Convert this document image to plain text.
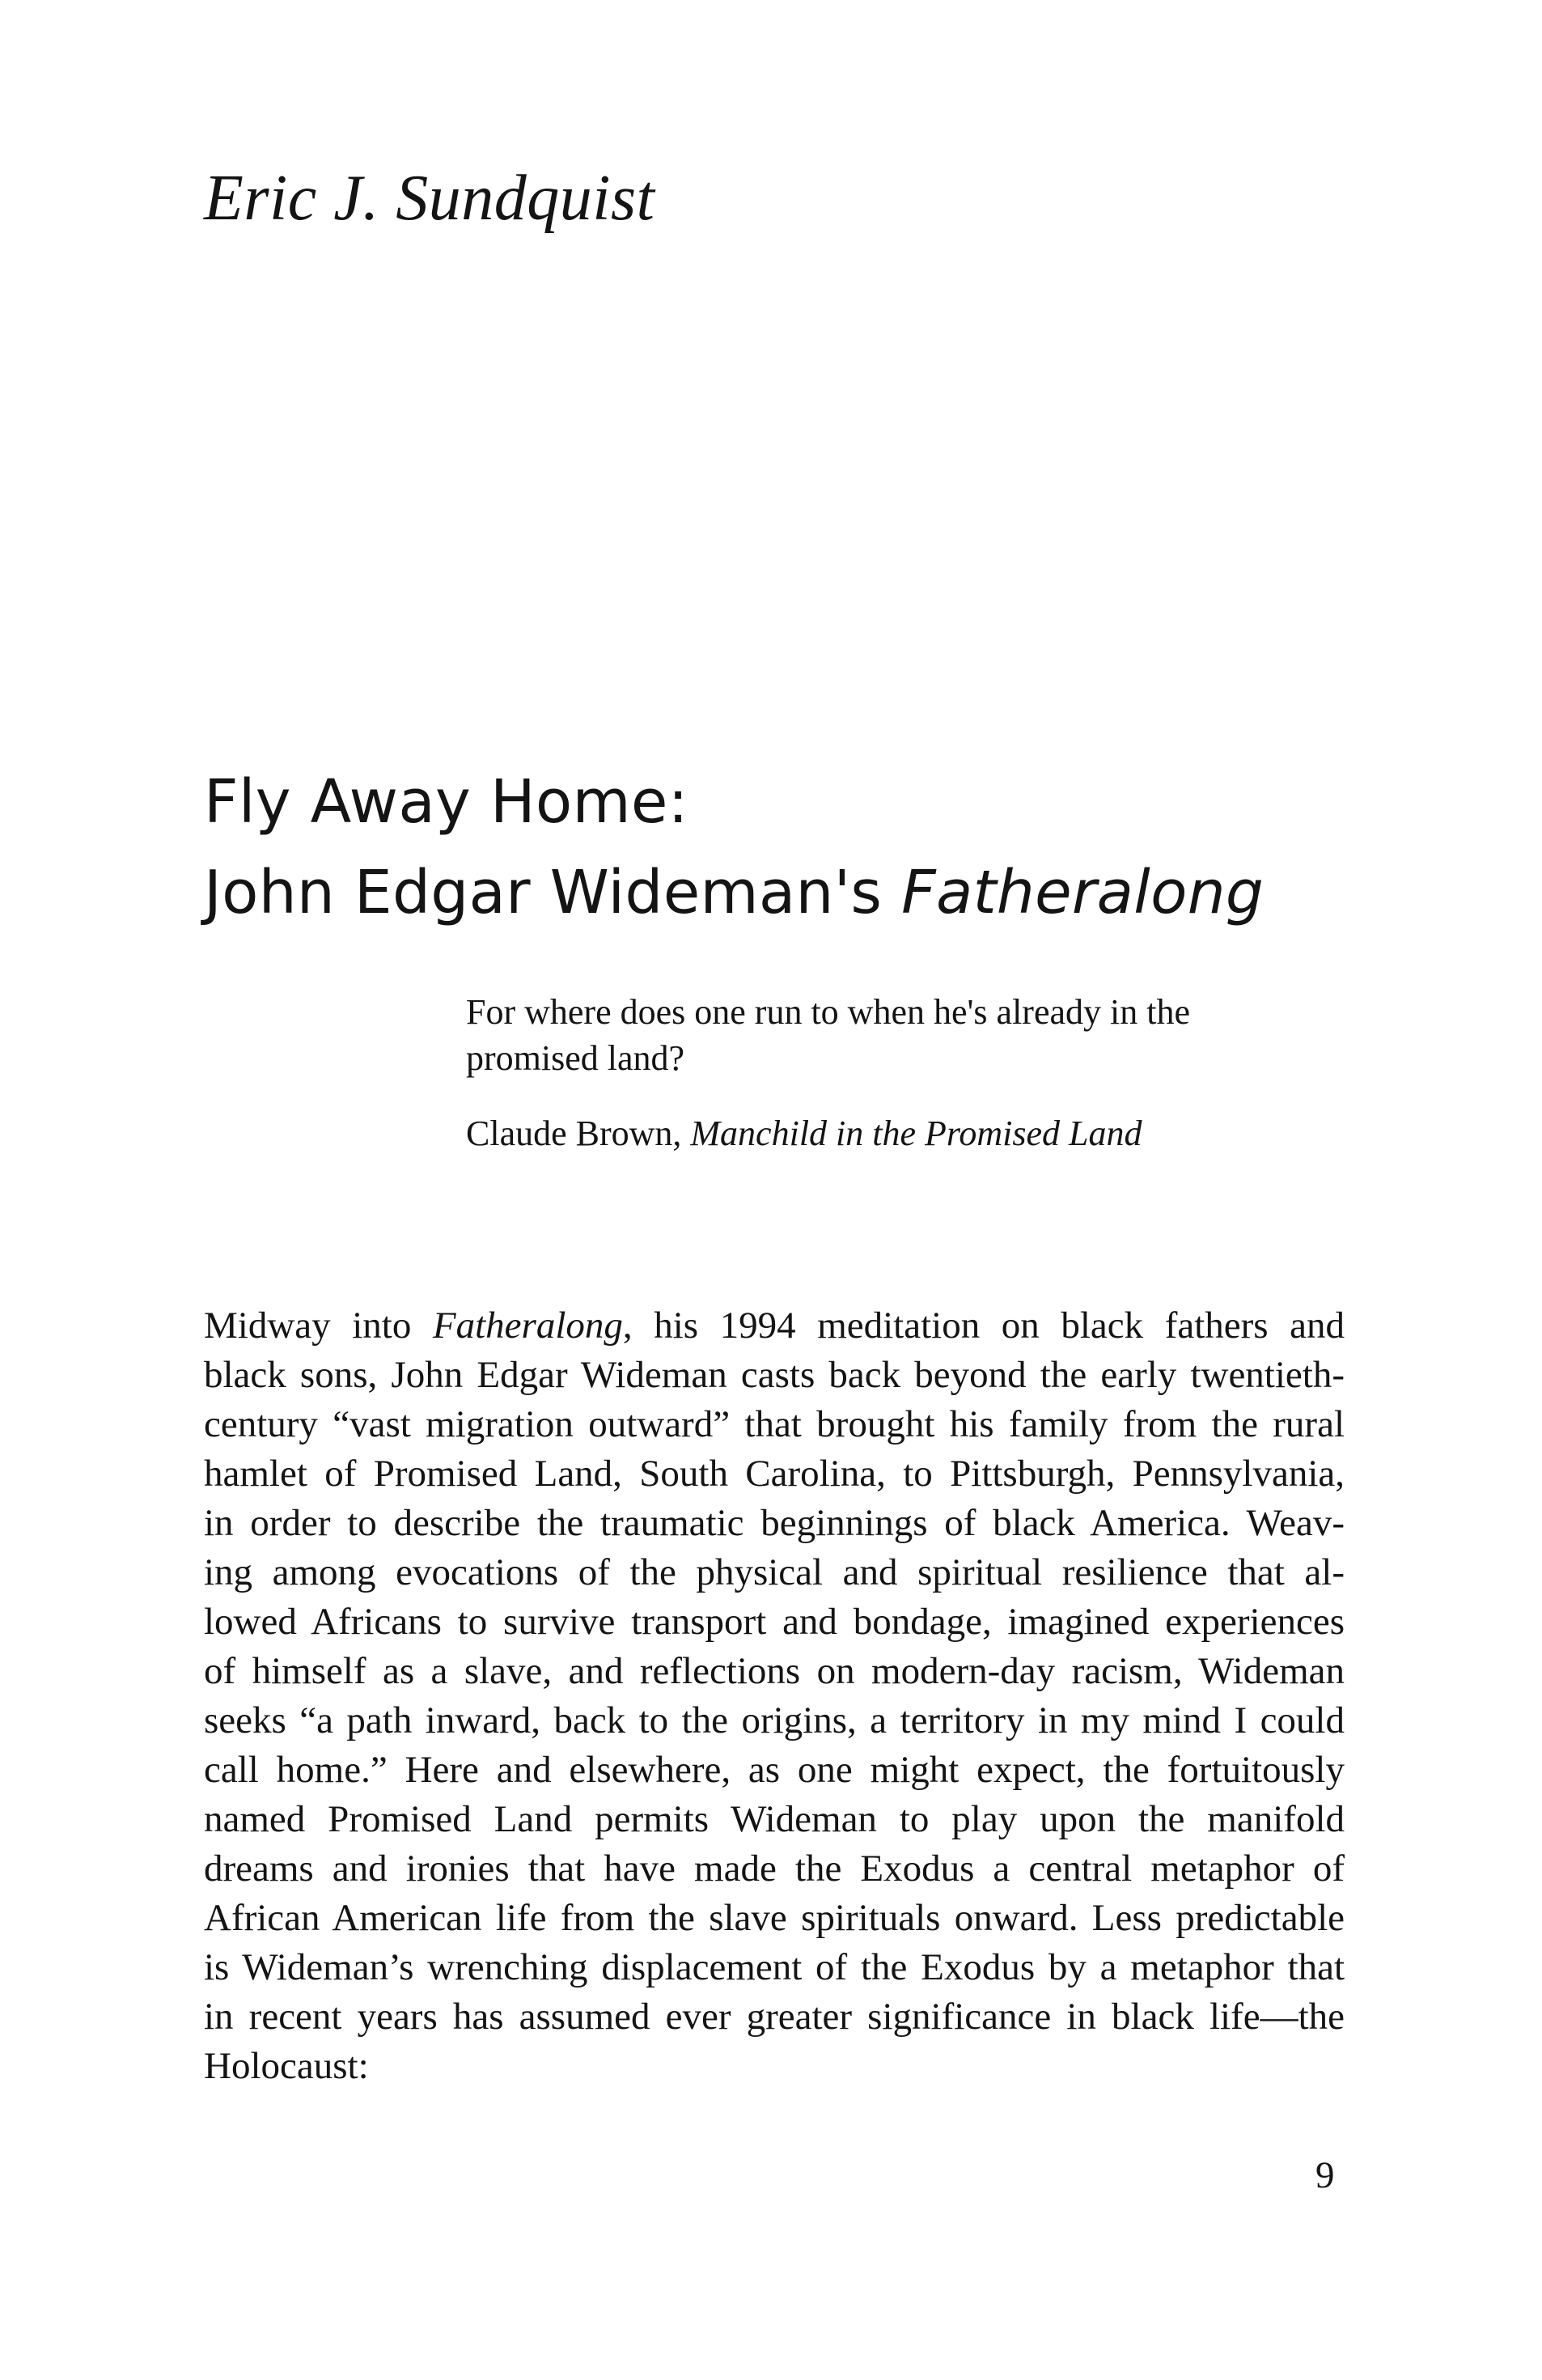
Eric J. Sundquist

Fly Away Home:
John Edgar Wideman's Fatheralong

For where does one run to when he's already in the promised land?

Claude Brown, Manchild in the Promised Land

Midway into Fatheralong, his 1994 meditation on black fathers and
black sons, John Edgar Wideman casts back beyond the early twentieth-
century “vast migration outward” that brought his family from the rural
hamlet of Promised Land, South Carolina, to Pittsburgh, Pennsylvania,
in order to describe the traumatic beginnings of black America. Weav-
ing among evocations of the physical and spiritual resilience that al-
lowed Africans to survive transport and bondage, imagined experiences
of himself as a slave, and reflections on modern-day racism, Wideman
seeks “a path inward, back to the origins, a territory in my mind I could
call home.” Here and elsewhere, as one might expect, the fortuitously
named Promised Land permits Wideman to play upon the manifold
dreams and ironies that have made the Exodus a central metaphor of
African American life from the slave spirituals onward. Less predictable
is Wideman’s wrenching displacement of the Exodus by a metaphor that
in recent years has assumed ever greater significance in black life—the
Holocaust:

9
